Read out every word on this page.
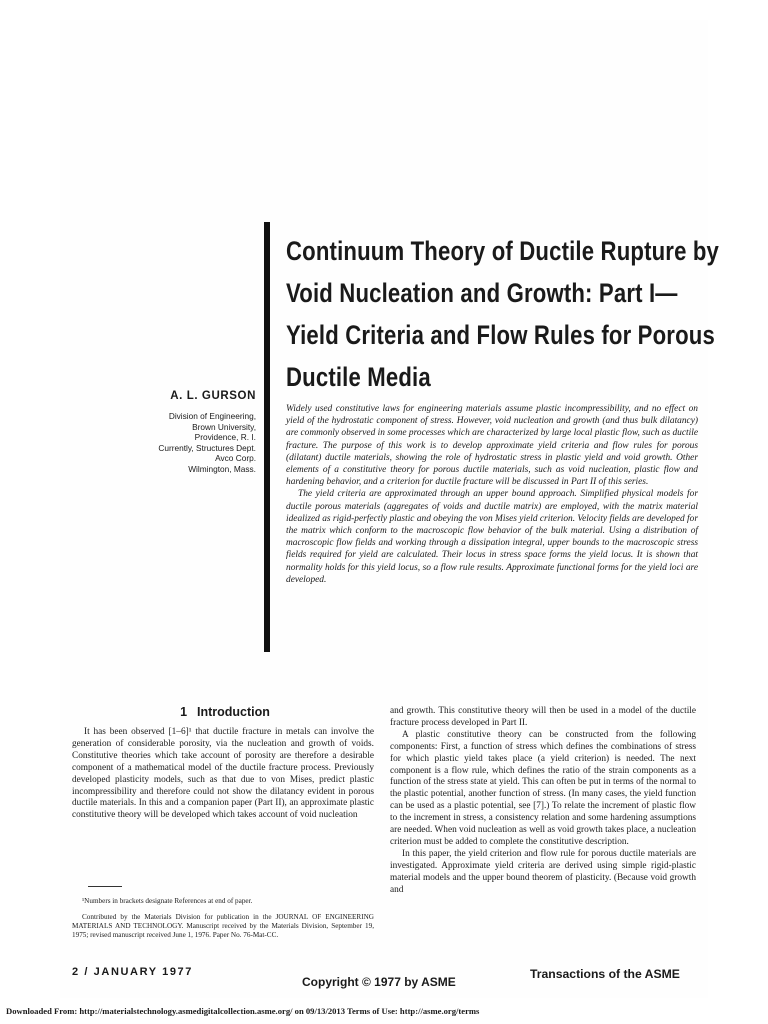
Continuum Theory of Ductile Rupture by
Void Nucleation and Growth: Part I—
Yield Criteria and Flow Rules for Porous
Ductile Media
A. L. GURSON
Division of Engineering,
Brown University,
Providence, R. I.
Currently, Structures Dept.
Avco Corp.
Wilmington, Mass.

Widely used constitutive laws for engineering materials assume plastic incompressibility, and no effect on yield of the hydrostatic component of stress. However, void nucleation and growth (and thus bulk dilatancy) are commonly observed in some processes which are characterized by large local plastic flow, such as ductile fracture. The purpose of this work is to develop approximate yield criteria and flow rules for porous (dilatant) ductile materials, showing the role of hydrostatic stress in plastic yield and void growth. Other elements of a constitutive theory for porous ductile materials, such as void nucleation, plastic flow and hardening behavior, and a criterion for ductile fracture will be discussed in Part II of this series.

The yield criteria are approximated through an upper bound approach. Simplified physical models for ductile porous materials (aggregates of voids and ductile matrix) are employed, with the matrix material idealized as rigid-perfectly plastic and obeying the von Mises yield criterion. Velocity fields are developed for the matrix which conform to the macroscopic flow behavior of the bulk material. Using a distribution of macroscopic flow fields and working through a dissipation integral, upper bounds to the macroscopic stress fields required for yield are calculated. Their locus in stress space forms the yield locus. It is shown that normality holds for this yield locus, so a flow rule results. Approximate functional forms for the yield loci are developed.

1 Introduction

It has been observed [1–6]¹ that ductile fracture in metals can involve the generation of considerable porosity, via the nucleation and growth of voids. Constitutive theories which take account of porosity are therefore a desirable component of a mathematical model of the ductile fracture process. Previously developed plasticity models, such as that due to von Mises, predict plastic incompressibility and therefore could not show the dilatancy evident in porous ductile materials. In this and a companion paper (Part II), an approximate plastic constitutive theory will be developed which takes account of void nucleation

and growth. This constitutive theory will then be used in a model of the ductile fracture process developed in Part II.

A plastic constitutive theory can be constructed from the following components: First, a function of stress which defines the combinations of stress for which plastic yield takes place (a yield criterion) is needed. The next component is a flow rule, which defines the ratio of the strain components as a function of the stress state at yield. This can often be put in terms of the normal to the plastic potential, another function of stress. (In many cases, the yield function can be used as a plastic potential, see [7].) To relate the increment of plastic flow to the increment in stress, a consistency relation and some hardening assumptions are needed. When void nucleation as well as void growth takes place, a nucleation criterion must be added to complete the constitutive description.

In this paper, the yield criterion and flow rule for porous ductile materials are investigated. Approximate yield criteria are derived using simple rigid-plastic material models and the upper bound theorem of plasticity. (Because void growth and

¹Numbers in brackets designate References at end of paper.
Contributed by the Materials Division for publication in the JOURNAL OF ENGINEERING MATERIALS AND TECHNOLOGY. Manuscript received by the Materials Division, September 19, 1975; revised manuscript received June 1, 1976. Paper No. 76-Mat-CC.
2 / JANUARY 1977
Copyright © 1977 by ASME
Transactions of the ASME
Downloaded From: http://materialstechnology.asmedigitalcollection.asme.org/ on 09/13/2013 Terms of Use: http://asme.org/terms
